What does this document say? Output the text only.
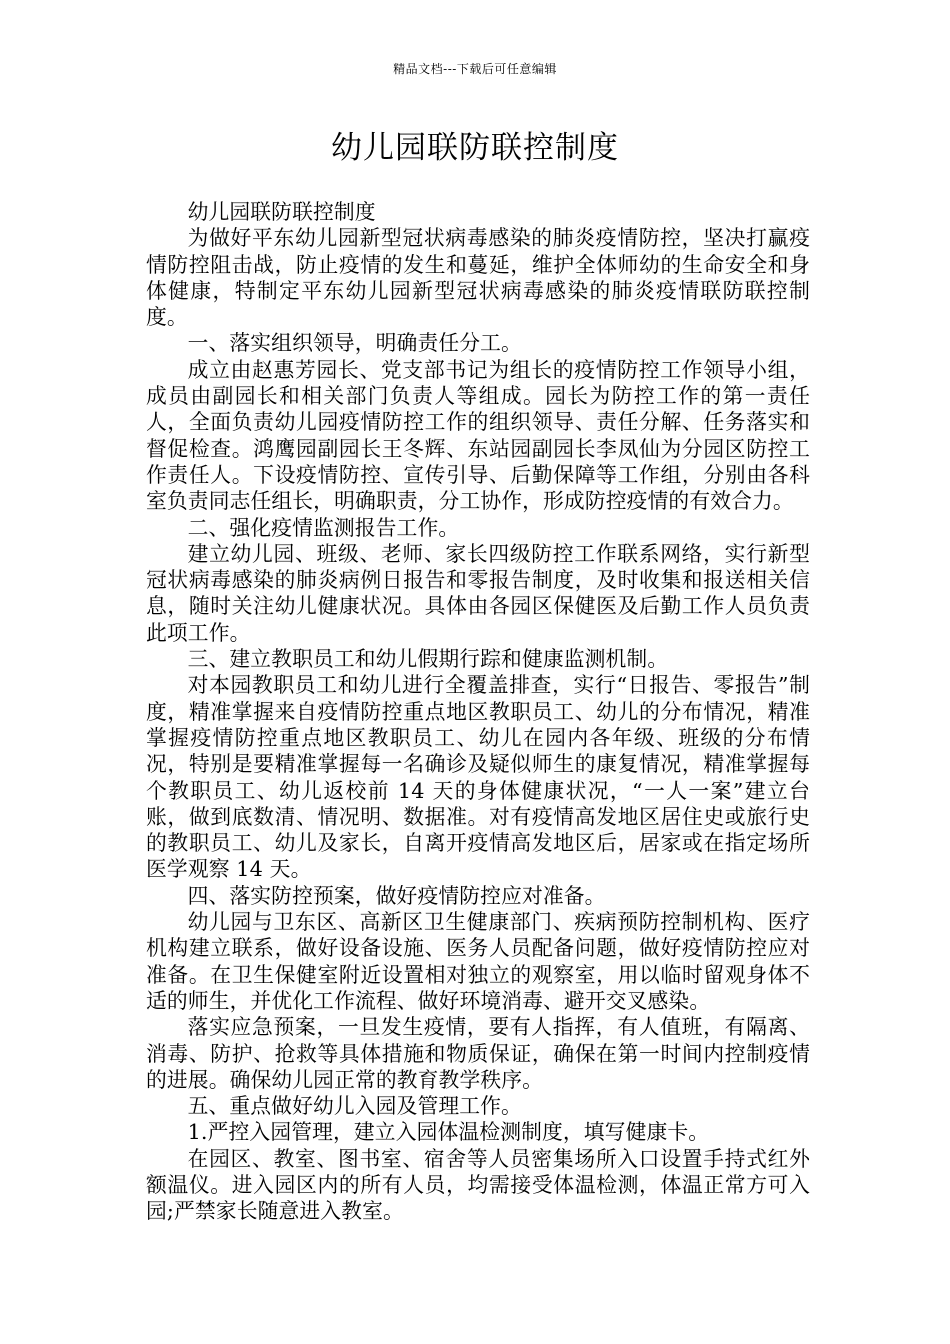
精品文档---下载后可任意编辑
幼儿园联防联控制度

幼儿园联防联控制度

为做好平东幼儿园新型冠状病毒感染的肺炎疫情防控，坚决打赢疫情防控阻击战，防止疫情的发生和蔓延，维护全体师幼的生命安全和身体健康，特制定平东幼儿园新型冠状病毒感染的肺炎疫情联防联控制度。

一、落实组织领导，明确责任分工。

成立由赵惠芳园长、党支部书记为组长的疫情防控工作领导小组，成员由副园长和相关部门负责人等组成。园长为防控工作的第一责任人，全面负责幼儿园疫情防控工作的组织领导、责任分解、任务落实和督促检查。鸿鹰园副园长王冬辉、东站园副园长李凤仙为分园区防控工作责任人。下设疫情防控、宣传引导、后勤保障等工作组，分别由各科室负责同志任组长，明确职责，分工协作，形成防控疫情的有效合力。

二、强化疫情监测报告工作。

建立幼儿园、班级、老师、家长四级防控工作联系网络，实行新型冠状病毒感染的肺炎病例日报告和零报告制度，及时收集和报送相关信息，随时关注幼儿健康状况。具体由各园区保健医及后勤工作人员负责此项工作。

三、建立教职员工和幼儿假期行踪和健康监测机制。

对本园教职员工和幼儿进行全覆盖排查，实行“日报告、零报告”制度，精准掌握来自疫情防控重点地区教职员工、幼儿的分布情况，精准掌握疫情防控重点地区教职员工、幼儿在园内各年级、班级的分布情况，特别是要精准掌握每一名确诊及疑似师生的康复情况，精准掌握每个教职员工、幼儿返校前 14 天的身体健康状况，“一人一案”建立台账，做到底数清、情况明、数据准。对有疫情高发地区居住史或旅行史的教职员工、幼儿及家长，自离开疫情高发地区后，居家或在指定场所医学观察 14 天。

四、落实防控预案，做好疫情防控应对准备。

幼儿园与卫东区、高新区卫生健康部门、疾病预防控制机构、医疗机构建立联系，做好设备设施、医务人员配备问题，做好疫情防控应对准备。在卫生保健室附近设置相对独立的观察室，用以临时留观身体不适的师生，并优化工作流程、做好环境消毒、避开交叉感染。

落实应急预案，一旦发生疫情，要有人指挥，有人值班，有隔离、消毒、防护、抢救等具体措施和物质保证，确保在第一时间内控制疫情的进展。确保幼儿园正常的教育教学秩序。

五、重点做好幼儿入园及管理工作。

1.严控入园管理，建立入园体温检测制度，填写健康卡。

在园区、教室、图书室、宿舍等人员密集场所入口设置手持式红外额温仪。进入园区内的所有人员，均需接受体温检测，体温正常方可入园;严禁家长随意进入教室。
